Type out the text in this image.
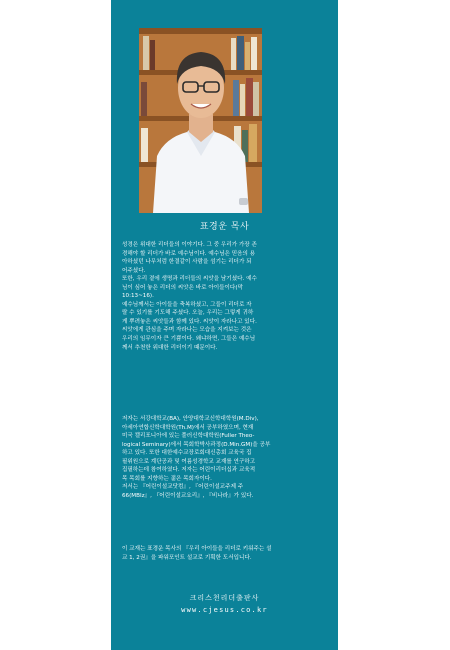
표경운 목사
성경은 위대한 리더들의 이야기다. 그 중 우리가 가장 존
경해야 할 리더가 바로 예수님이다. 예수님은 믿음의 용
아하셨던 나무처럼 한결같이 사람을 섬기는 리더가 되
어주셨다.
또한, 우리 곁에 생명과 리더들의 씨앗을 남기셨다. 예수
님이 심어 놓은 리더의 씨앗은 바로 아이들이다(막
10:13~16).
예수님께서는 아이들을 축복하셨고, 그들이 리더로 자
랄 수 있기를 기도해 주셨다. 오늘, 우리는 그렇게 귀하
게 뿌려놓은 씨앗들과 함께 있다. 씨앗이 자라나고 있다.
씨앗에게 관심을 주며 자라나는 모습을 지켜보는 것은
우리의 임무이자 큰 기쁨이다. 왜냐하면, 그들은 예수님
께서 추천한 위대한 리더이기 때문이다.
저자는 서강대학교(BA), 안양대학교신학대학원(M.Div),
아세아연합신학대학원(Th.M)에서 공부하였으며, 현재
미국 캘리포니아에 있는 풀러신학대학원(Fuller Theo-
logical Seminary)에서 목회학박사과정(D.Min.GM)을 공부
하고 있다. 또한 대한예수교장로회대신총회 교육국 집
필위원으로 계단공과 및 여름성경학교 교재를 연구하고
집필하는데 참여하였다. 저자는 어린이리더십과 교육적
목 목회를 지향하는 젊은 목회자이다.
저서는 『어린이설교닷컴』, 『어린이설교주제 주
66(MBIz』, 『어린이설교요리』, 『비나라』가 있다.
이 교재는 표경운 목사의 『우리 아이들을 리더로 키워주는 설
교 1, 2권』을 파워포인트 설교로 기획한 도서입니다.
크리스천리더출판사
www.cjesus.co.kr
